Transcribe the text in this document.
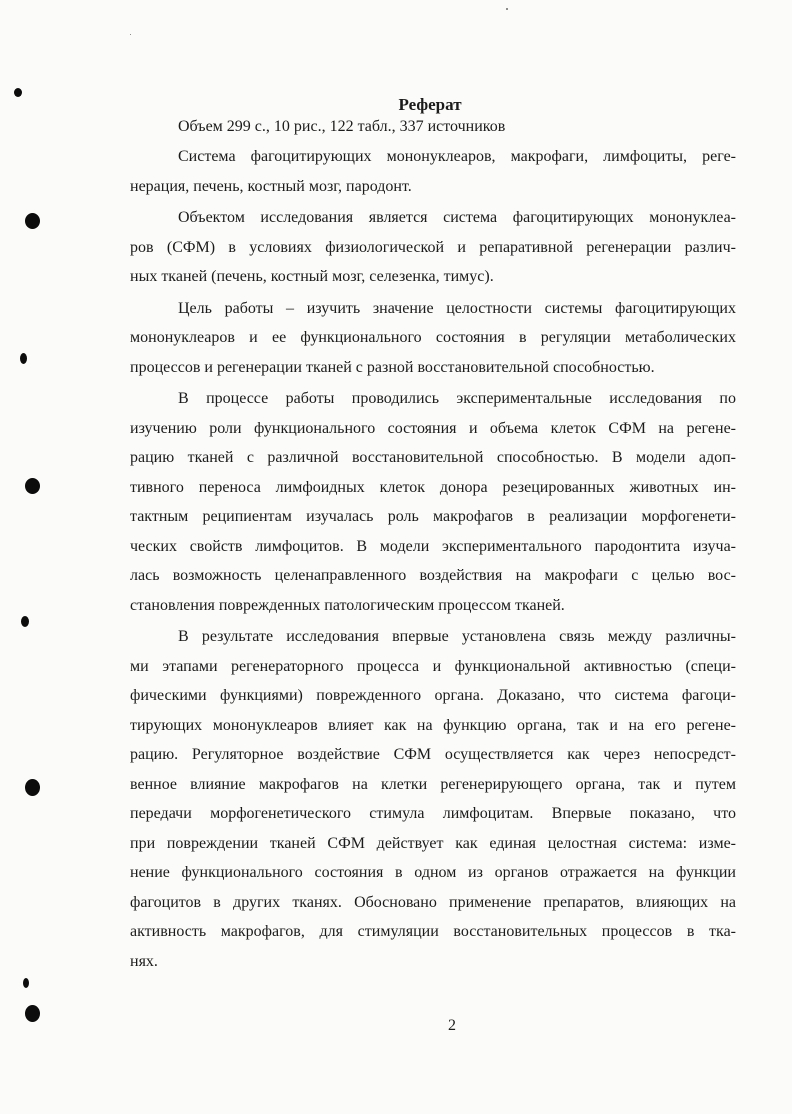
Реферат
Объем 299 с., 10 рис., 122 табл., 337 источников

Система фагоцитирующих мононуклеаров, макрофаги, лимфоциты, реге-
нерация, печень, костный мозг, пародонт.

Объектом исследования является система фагоцитирующих мононуклеа-
ров (СФМ) в условиях физиологической и репаративной регенерации различ-
ных тканей (печень, костный мозг, селезенка, тимус).

Цель работы – изучить значение целостности системы фагоцитирующих
мононуклеаров и ее функционального состояния в регуляции метаболических
процессов и регенерации тканей с разной восстановительной способностью.

В процессе работы проводились экспериментальные исследования по
изучению роли функционального состояния и объема клеток СФМ на регене-
рацию тканей с различной восстановительной способностью. В модели адоп-
тивного переноса лимфоидных клеток донора резецированных животных ин-
тактным реципиентам изучалась роль макрофагов в реализации морфогенети-
ческих свойств лимфоцитов. В модели экспериментального пародонтита изуча-
лась возможность целенаправленного воздействия на макрофаги с целью вос-
становления поврежденных патологическим процессом тканей.

В результате исследования впервые установлена связь между различны-
ми этапами регенераторного процесса и функциональной активностью (специ-
фическими функциями) поврежденного органа. Доказано, что система фагоци-
тирующих мононуклеаров влияет как на функцию органа, так и на его регене-
рацию. Регуляторное воздействие СФМ осуществляется как через непосредст-
венное влияние макрофагов на клетки регенерирующего органа, так и путем
передачи морфогенетического стимула лимфоцитам. Впервые показано, что
при повреждении тканей СФМ действует как единая целостная система: изме-
нение функционального состояния в одном из органов отражается на функции
фагоцитов в других тканях. Обосновано применение препаратов, влияющих на
активность макрофагов, для стимуляции восстановительных процессов в тка-
нях.

2
